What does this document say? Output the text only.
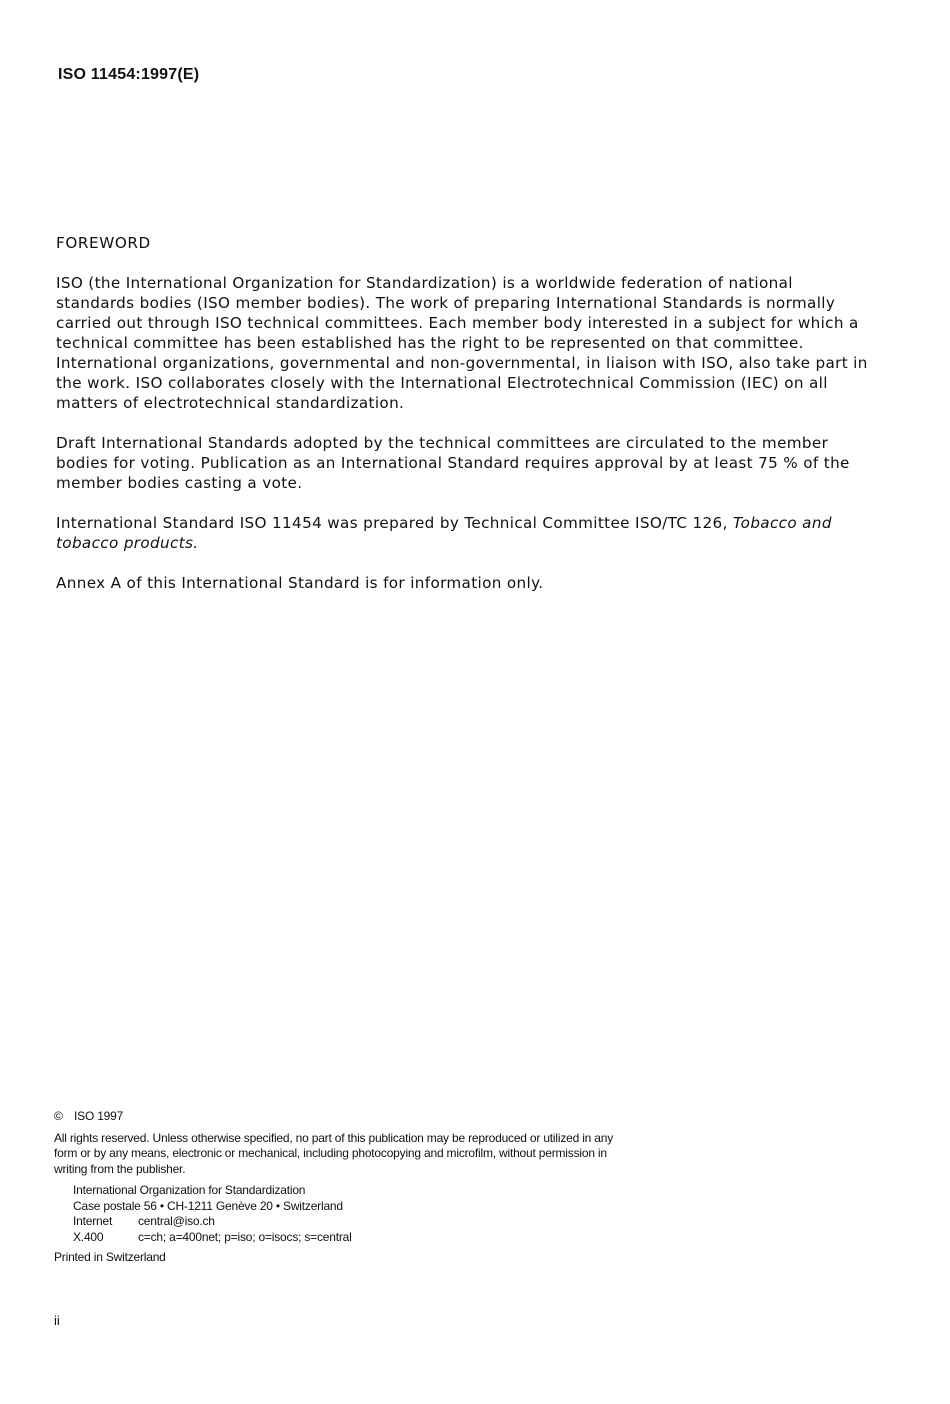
ISO 11454:1997(E)
FOREWORD

ISO (the International Organization for Standardization) is a worldwide federation of national standards bodies (ISO member bodies). The work of preparing International Standards is normally carried out through ISO technical committees. Each member body interested in a subject for which a technical committee has been established has the right to be represented on that committee. International organizations, governmental and non-governmental, in liaison with ISO, also take part in the work. ISO collaborates closely with the International Electrotechnical Commission (IEC) on all matters of electrotechnical standardization.

Draft International Standards adopted by the technical committees are circulated to the member bodies for voting. Publication as an International Standard requires approval by at least 75 % of the member bodies casting a vote.

International Standard ISO 11454 was prepared by Technical Committee ISO/TC 126, Tobacco and tobacco products.

Annex A of this International Standard is for information only.

© ISO 1997
All rights reserved. Unless otherwise specified, no part of this publication may be reproduced or utilized in any form or by any means, electronic or mechanical, including photocopying and microfilm, without permission in writing from the publisher.
International Organization for Standardization
Case postale 56 • CH-1211 Genève 20 • Switzerland
Internet central@iso.ch
X.400	c=ch; a=400net; p=iso; o=isocs; s=central
Printed in Switzerland
ii
